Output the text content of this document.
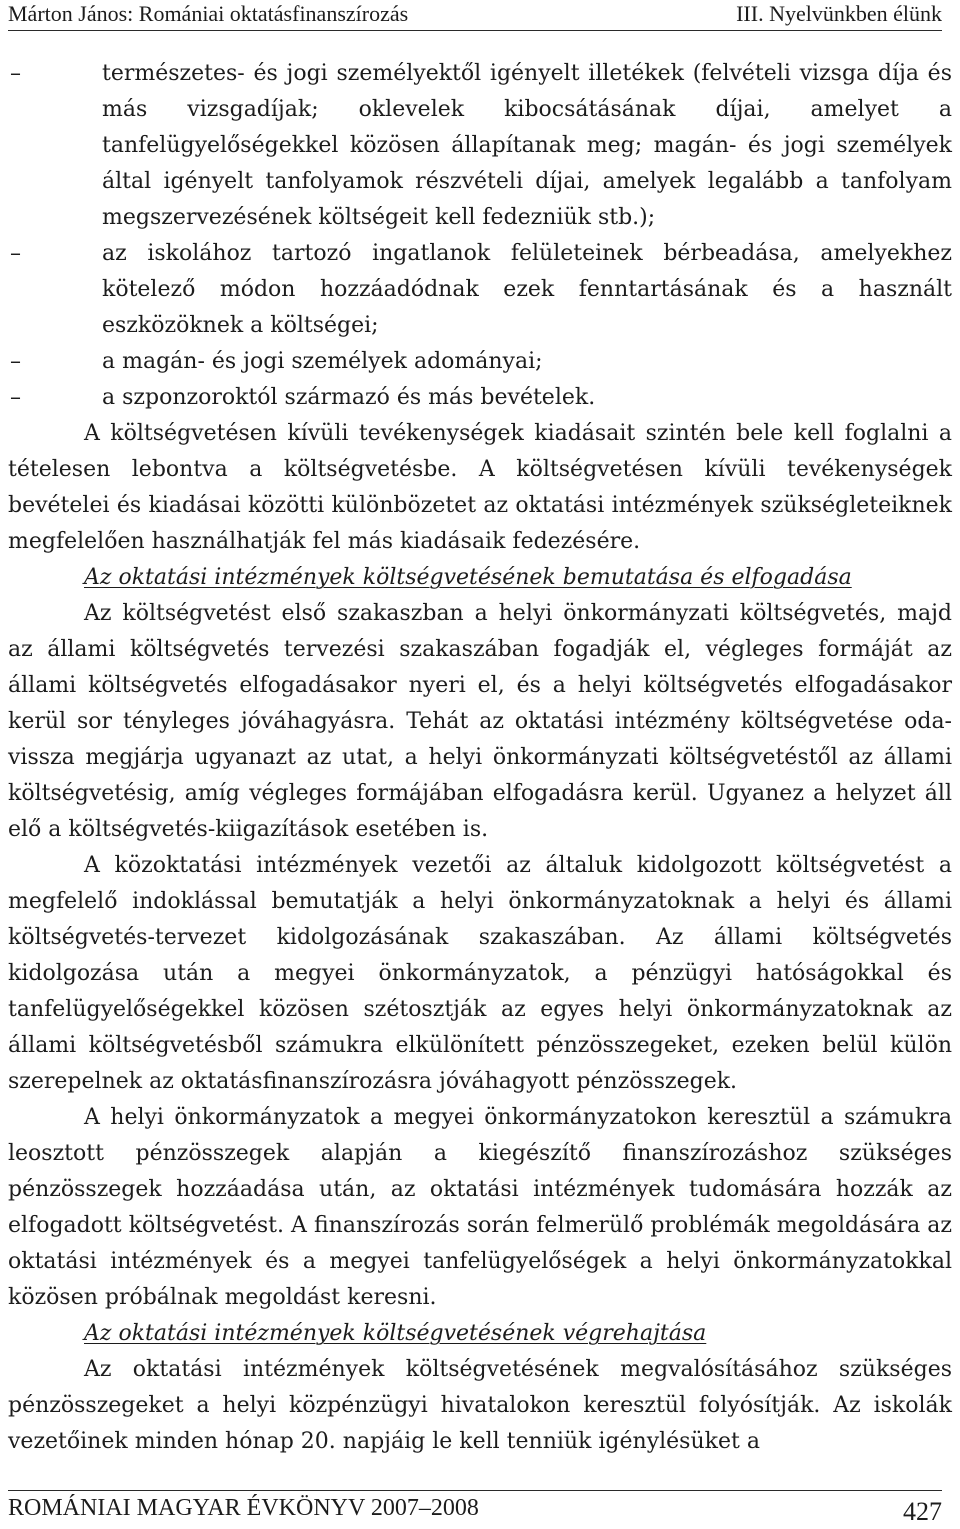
Márton János: Romániai oktatásfinanszírozás	III. Nyelvünkben élünk
–	természetes- és jogi személyektől igényelt illetékek (felvételi vizsga díja és más vizsgadíjak; oklevelek kibocsátásának díjai, amelyet a tanfelügyelőségekkel közösen állapítanak meg; magán- és jogi személyek által igényelt tanfolyamok részvételi díjai, amelyek legalább a tanfolyam megszervezésének költségeit kell fedezniük stb.);
–	az iskolához tartozó ingatlanok felületeinek bérbeadása, amelyekhez kötelező módon hozzáadódnak ezek fenntartásának és a használt eszközöknek a költségei;
–	a magán- és jogi személyek adományai;
–	a szponzoroktól származó és más bevételek.

A költségvetésen kívüli tevékenységek kiadásait szintén bele kell foglalni a tételesen lebontva a költségvetésbe. A költségvetésen kívüli tevékenységek bevételei és kiadásai közötti különbözetet az oktatási intézmények szükségleteiknek megfelelően használhatják fel más kiadásaik fedezésére.

Az oktatási intézmények költségvetésének bemutatása és elfogadása

Az költségvetést első szakaszban a helyi önkormányzati költségvetés, majd az állami költségvetés tervezési szakaszában fogadják el, végleges formáját az állami költségvetés elfogadásakor nyeri el, és a helyi költségvetés elfogadásakor kerül sor tényleges jóváhagyásra. Tehát az oktatási intézmény költségvetése oda-vissza megjárja ugyanazt az utat, a helyi önkormányzati költségvetéstől az állami költségvetésig, amíg végleges formájában elfogadásra kerül. Ugyanez a helyzet áll elő a költségvetés-kiigazítások esetében is.

A közoktatási intézmények vezetői az általuk kidolgozott költségvetést a megfelelő indoklással bemutatják a helyi önkormányzatoknak a helyi és állami költségvetés-tervezet kidolgozásának szakaszában. Az állami költségvetés kidolgozása után a megyei önkormányzatok, a pénzügyi hatóságokkal és tanfelügyelőségekkel közösen szétosztják az egyes helyi önkormányzatoknak az állami költségvetésből számukra elkülönített pénzösszegeket, ezeken belül külön szerepelnek az oktatásfinanszírozásra jóváhagyott pénzösszegek.

A helyi önkormányzatok a megyei önkormányzatokon keresztül a számukra leosztott pénzösszegek alapján a kiegészítő finanszírozáshoz szükséges pénzösszegek hozzáadása után, az oktatási intézmények tudomására hozzák az elfogadott költségvetést. A finanszírozás során felmerülő problémák megoldására az oktatási intézmények és a megyei tanfelügyelőségek a helyi önkormányzatokkal közösen próbálnak megoldást keresni.

Az oktatási intézmények költségvetésének végrehajtása

Az oktatási intézmények költségvetésének megvalósításához szükséges pénzösszegeket a helyi közpénzügyi hivatalokon keresztül folyósítják. Az iskolák vezetőinek minden hónap 20. napjáig le kell tenniük igénylésüket a

ROMÁNIAI MAGYAR ÉVKÖNYV 2007–2008	427
